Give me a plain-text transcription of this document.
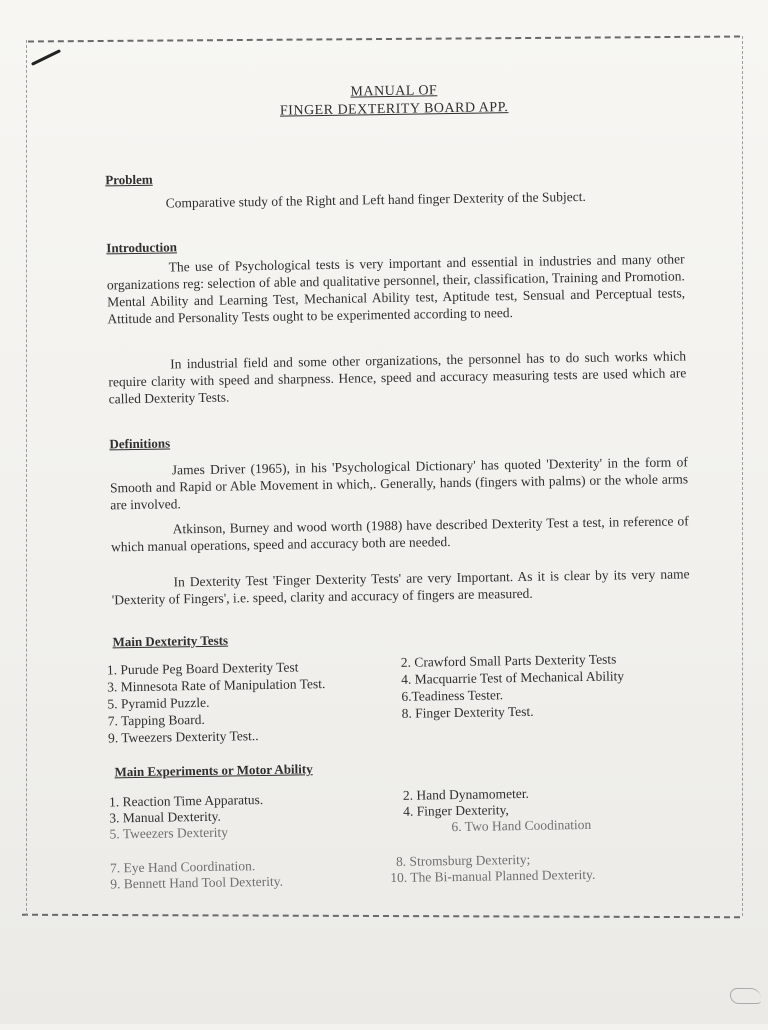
MANUAL OF
FINGER DEXTERITY BOARD APP.
Problem
Comparative study of the Right and Left hand finger Dexterity of the Subject.
Introduction
The use of Psychological tests is very important and essential in industries and many other organizations reg: selection of able and qualitative personnel, their, classification, Training and Promotion. Mental Ability and Learning Test, Mechanical Ability test, Aptitude test, Sensual and Perceptual tests, Attitude and Personality Tests ought to be experimented according to need.
In industrial field and some other organizations, the personnel has to do such works which require clarity with speed and sharpness. Hence, speed and accuracy measuring tests are used which are called Dexterity Tests.
Definitions
James Driver (1965), in his 'Psychological Dictionary' has quoted 'Dexterity' in the form of Smooth and Rapid or Able Movement in which,. Generally, hands (fingers with palms) or the whole arms are involved.
Atkinson, Burney and wood worth (1988) have described Dexterity Test a test, in reference of which manual operations, speed and accuracy both are needed.
In Dexterity Test 'Finger Dexterity Tests' are very Important. As it is clear by its very name 'Dexterity of Fingers', i.e. speed, clarity and accuracy of fingers are measured.
Main Dexterity Tests
1. Purude Peg Board Dexterity Test	2. Crawford Small Parts Dexterity Tests
3. Minnesota Rate of Manipulation Test.	4. Macquarrie Test of Mechanical Ability
5. Pyramid Puzzle.	6.Teadiness Tester.
7. Tapping Board.	8. Finger Dexterity Test.
9. Tweezers Dexterity Test..
Main Experiments or Motor Ability
1. Reaction Time Apparatus.	2. Hand Dynamometer.
3. Manual Dexterity.	4. Finger Dexterity,
5. Tweezers Dexterity	6. Two Hand Coodination
7. Eye Hand Coordination.	8. Stromsburg Dexterity;
9. Bennett Hand Tool Dexterity.	10. The Bi-manual Planned Dexterity.
